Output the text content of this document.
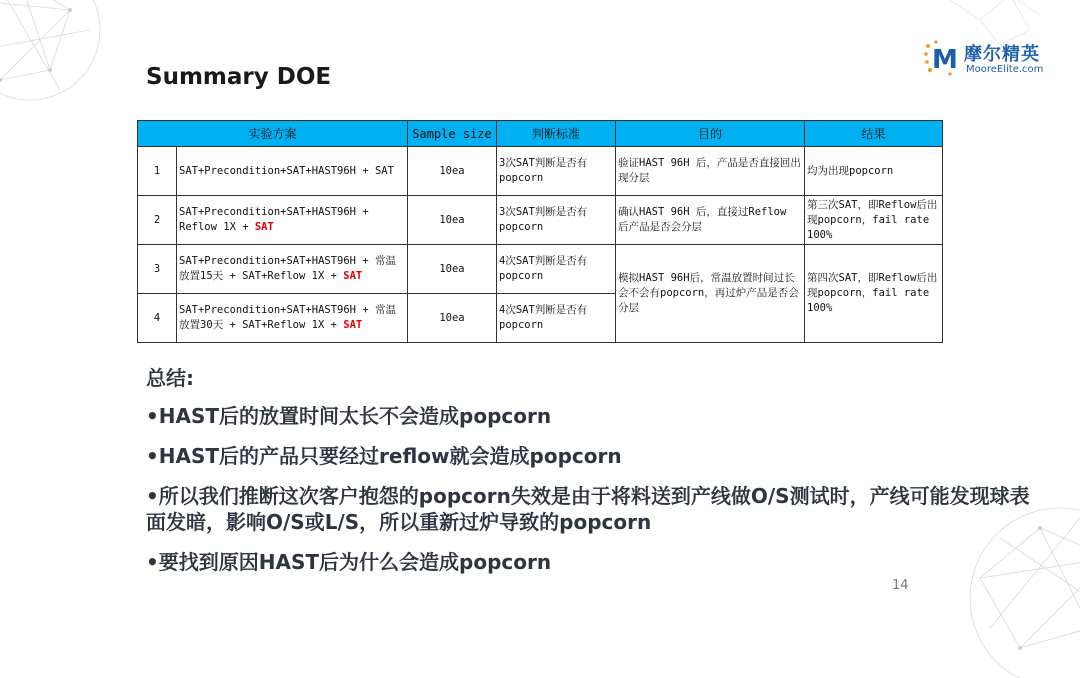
Summary DOE
M 摩尔精英
MooreElite.com
实验方案		Sample size	判断标准	目的	结果
1	SAT+Precondition+SAT+HAST96H + SAT	10ea	3次SAT判断是否有popcorn	验证HAST 96H 后，产品是否直接回出现分层	均为出现popcorn
2	SAT+Precondition+SAT+HAST96H + Reflow 1X + SAT	10ea	3次SAT判断是否有popcorn	确认HAST 96H 后，直接过Reflow 后产品是否会分层	第三次SAT，即Reflow后出现popcorn，fail rate 100%
3	SAT+Precondition+SAT+HAST96H + 常温放置15天 + SAT+Reflow 1X + SAT	10ea	4次SAT判断是否有popcorn	模拟HAST 96H后，常温放置时间过长会不会有popcorn，再过炉产品是否会分层	第四次SAT，即Reflow后出现popcorn，fail rate 100%
4	SAT+Precondition+SAT+HAST96H + 常温放置30天 + SAT+Reflow 1X + SAT	10ea	4次SAT判断是否有popcorn		
总结:
•HAST后的放置时间太长不会造成popcorn
•HAST后的产品只要经过reflow就会造成popcorn
•所以我们推断这次客户抱怨的popcorn失效是由于将料送到产线做O/S测试时，产线可能发现球表面发暗，影响O/S或L/S，所以重新过炉导致的popcorn
•要找到原因HAST后为什么会造成popcorn
14
